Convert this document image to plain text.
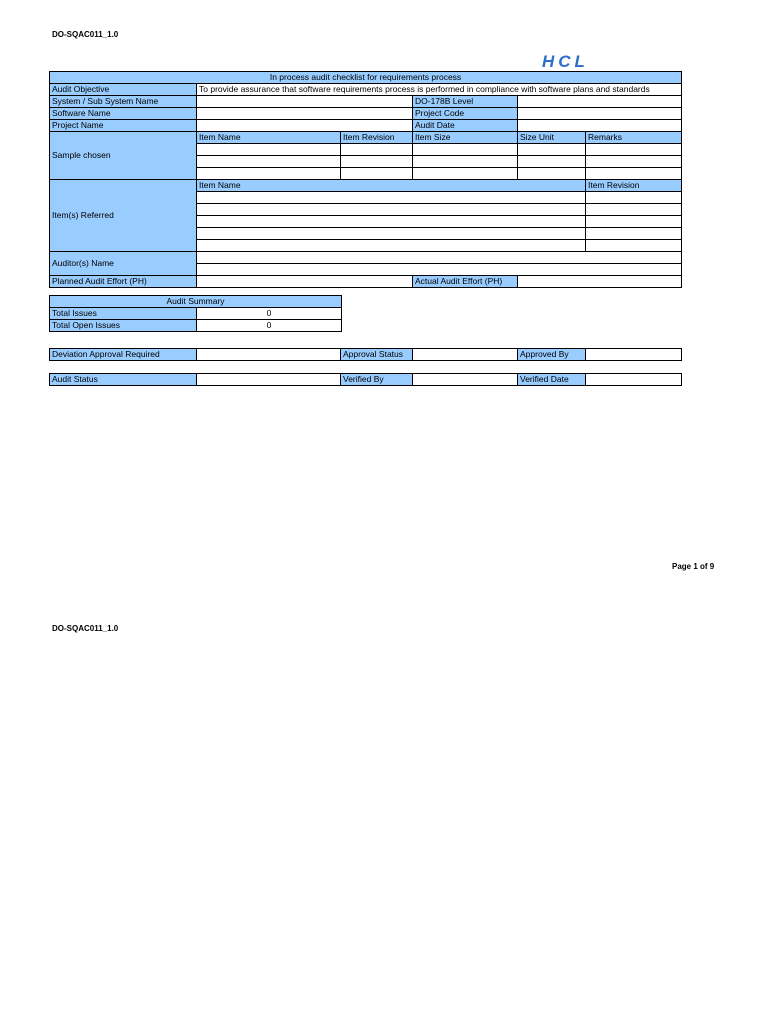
DO-SQAC011_1.0
HCL
In process audit checklist for requirements process					
Audit Objective	To provide assurance that software requirements process is performed in compliance with software plans and standards				
System / Sub System Name			DO-178B Level		
Software Name			Project Code		
Project Name			Audit Date		
Sample chosen	Item Name	Item Revision	Item Size	Size Unit	Remarks

Item(s) Referred	Item Name				Item Revision

Auditor(s) Name					

Planned Audit Effort (PH)			Actual Audit Effort (PH)		
Audit Summary	
Total Issues	0
Total Open Issues	0
Deviation Approval Required		Approval Status		Approved By	
Audit Status		Verified By		Verified Date	
Page 1 of 9
DO-SQAC011_1.0
